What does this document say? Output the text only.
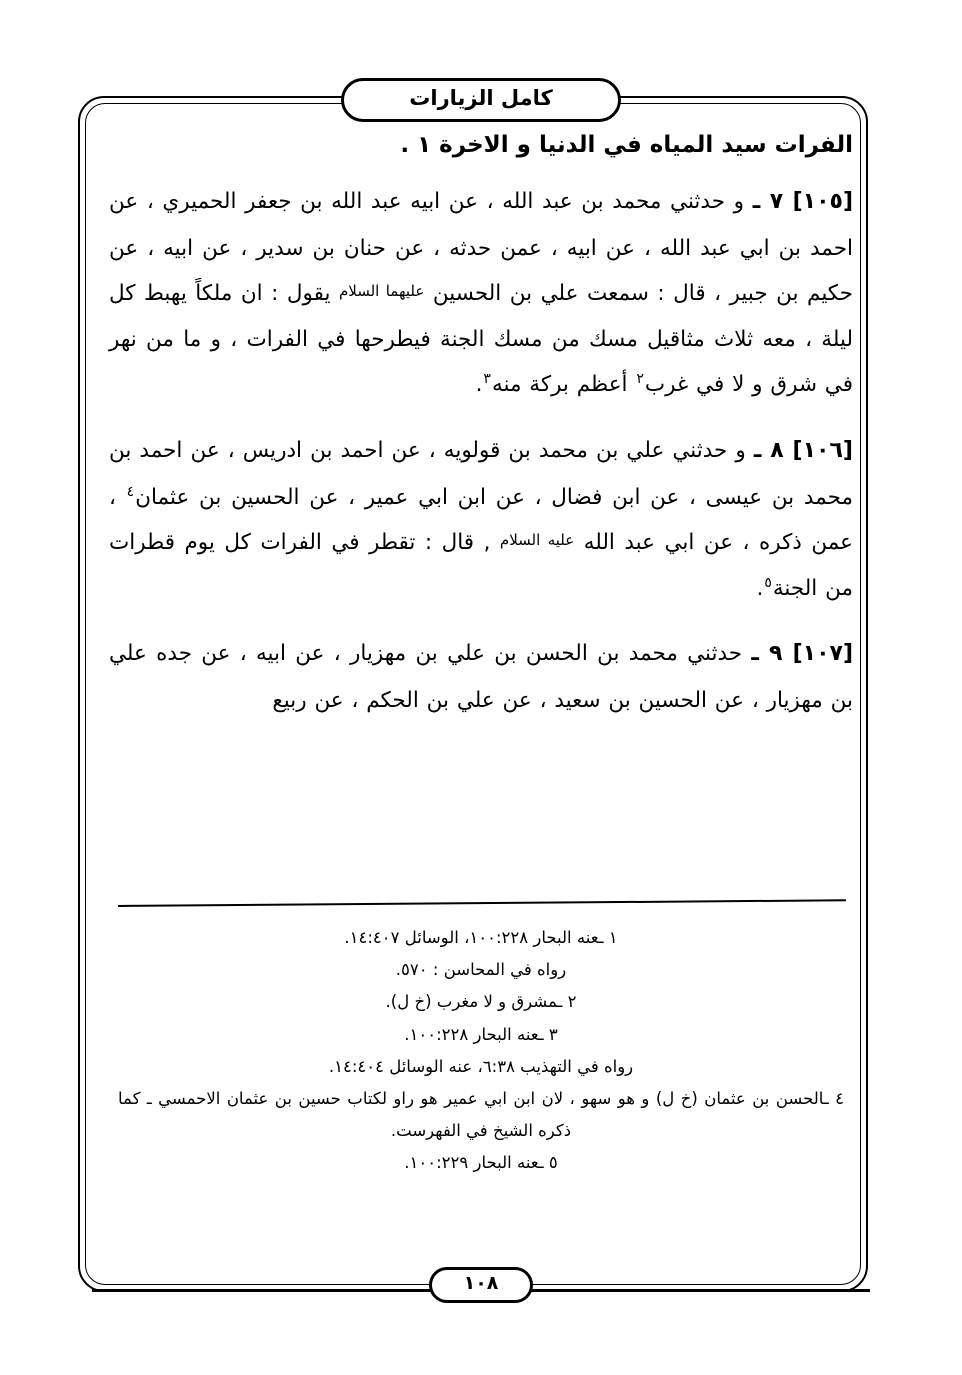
كامل الزيارات
الفرات سيد المياه في الدنيا و الاخرة ١ .

[١٠٥] ٧ ـ و حدثني محمد بن عبد الله ، عن ابيه عبد الله بن جعفر الحميري ، عن احمد بن ابي عبد الله ، عن ابيه ، عمن حدثه ، عن حنان بن سدير ، عن ابيه ، عن حكيم بن جبير ، قال : سمعت علي بن الحسين عليهما السلام يقول : ان ملكاً يهبط كل ليلة ، معه ثلاث مثاقيل مسك من مسك الجنة فيطرحها في الفرات ، و ما من نهر في شرق و لا في غرب$^٢$ أعظم بركة منه$^٣$.

[١٠٦] ٨ ـ و حدثني علي بن محمد بن قولويه ، عن احمد بن ادريس ، عن احمد بن محمد بن عيسى ، عن ابن فضال ، عن ابن ابي عمير ، عن الحسين بن عثمان$^٤$ ، عمن ذكره ، عن ابي عبد الله عليه السلام , قال : تقطر في الفرات كل يوم قطرات من الجنة$^٥$.

[١٠٧] ٩ ـ حدثني محمد بن الحسن بن علي بن مهزيار ، عن ابيه ، عن جده علي بن مهزيار ، عن الحسين بن سعيد ، عن علي بن الحكم ، عن ربيع

١ ـعنه البحار ١٠٠:٢٢٨، الوسائل ١٤:٤٠٧.
رواه في المحاسن : ٥٧٠.
٢ ـمشرق و لا مغرب (خ ل).
٣ ـعنه البحار ١٠٠:٢٢٨.
رواه في التهذيب ٦:٣٨، عنه الوسائل ١٤:٤٠٤.
٤ ـالحسن بن عثمان (خ ل) و هو سهو ، لان ابن ابي عمير هو راو لكتاب حسين بن عثمان الاحمسي ـ كما ذكره الشيخ في الفهرست.
٥ ـعنه البحار ١٠٠:٢٢٩.
١٠٨
